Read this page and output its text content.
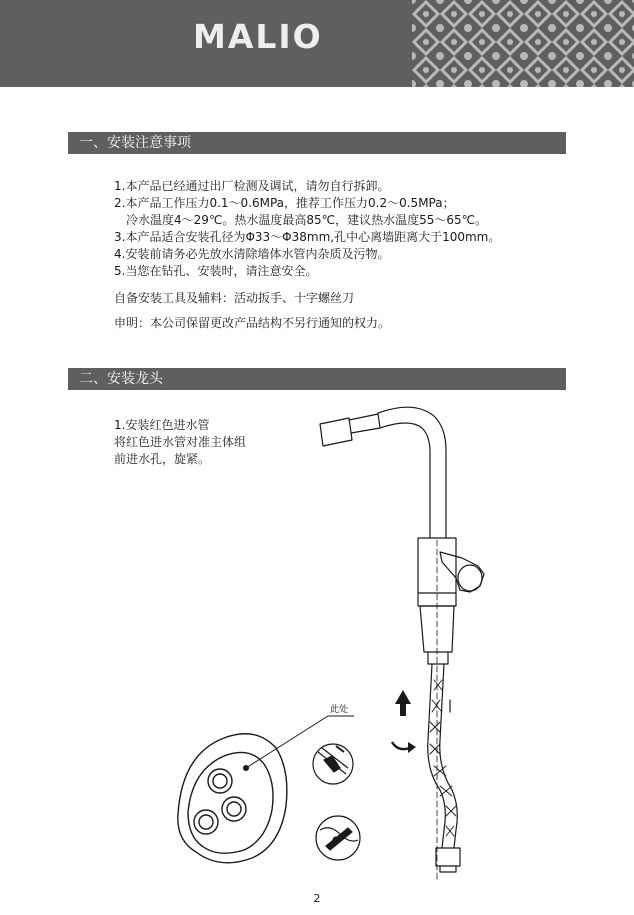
MALIO
一、安装注意事项
1.本产品已经通过出厂检测及调试，请勿自行拆卸。
2.本产品工作压力0.1～0.6MPa，推荐工作压力0.2～0.5MPa；
冷水温度4～29℃。热水温度最高85℃，建议热水温度55～65℃。
3.本产品适合安装孔径为Φ33～Φ38mm,孔中心离墙距离大于100mm。
4.安装前请务必先放水清除墙体水管内杂质及污物。
5.当您在钻孔、安装时，请注意安全。
自备安装工具及辅料：活动扳手、十字螺丝刀
申明：本公司保留更改产品结构不另行通知的权力。
二、安装龙头
1.安装红色进水管
将红色进水管对准主体组
前进水孔，旋紧。
此处
2
